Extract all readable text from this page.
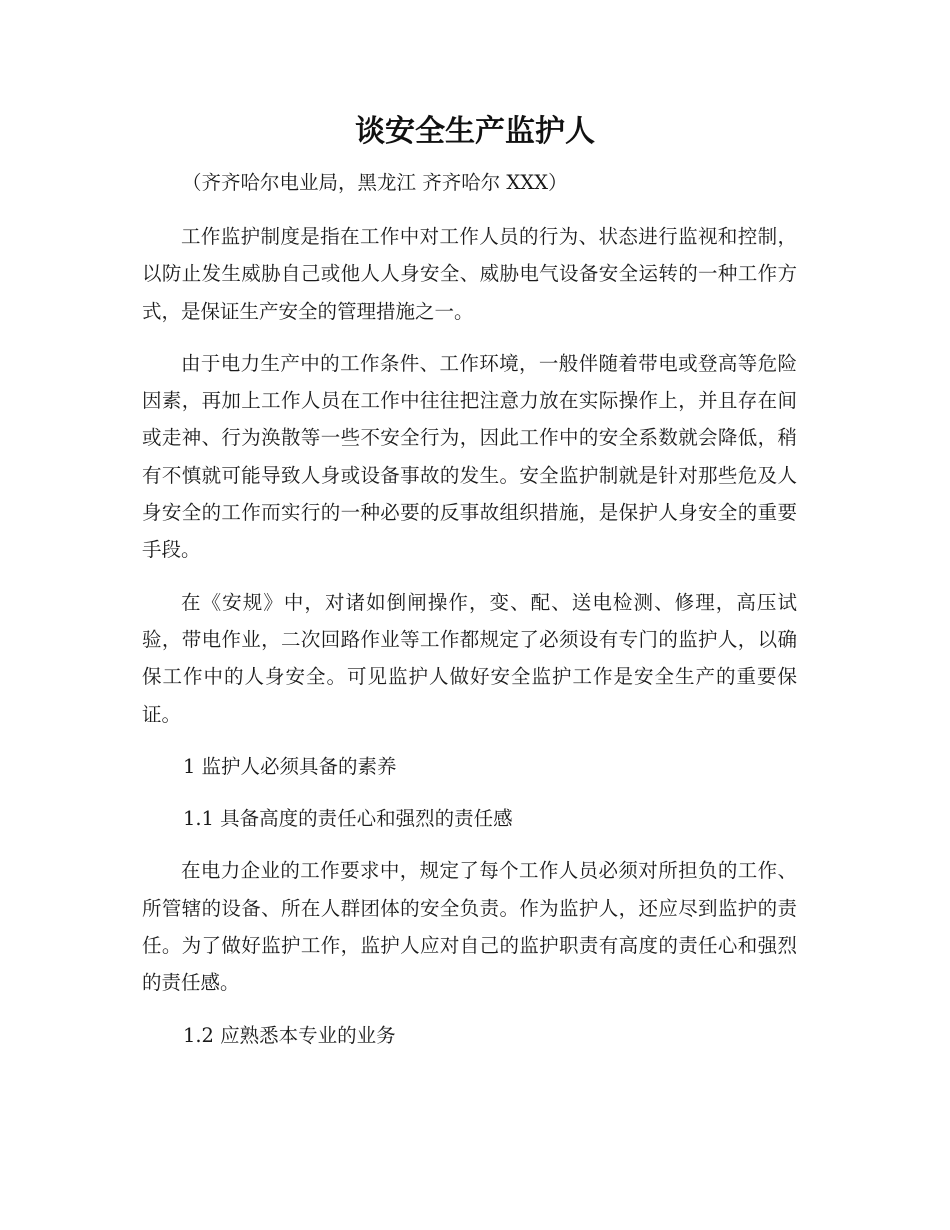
谈安全生产监护人
（齐齐哈尔电业局，黑龙江 齐齐哈尔 XXX）

工作监护制度是指在工作中对工作人员的行为、状态进行监视和控制，以防止发生威胁自己或他人人身安全、威胁电气设备安全运转的一种工作方式，是保证生产安全的管理措施之一。

由于电力生产中的工作条件、工作环境，一般伴随着带电或登高等危险因素，再加上工作人员在工作中往往把注意力放在实际操作上，并且存在间或走神、行为涣散等一些不安全行为，因此工作中的安全系数就会降低，稍有不慎就可能导致人身或设备事故的发生。安全监护制就是针对那些危及人身安全的工作而实行的一种必要的反事故组织措施，是保护人身安全的重要手段。

在《安规》中，对诸如倒闸操作，变、配、送电检测、修理，高压试验，带电作业，二次回路作业等工作都规定了必须设有专门的监护人，以确保工作中的人身安全。可见监护人做好安全监护工作是安全生产的重要保证。

1 监护人必须具备的素养

1.1 具备高度的责任心和强烈的责任感

在电力企业的工作要求中，规定了每个工作人员必须对所担负的工作、所管辖的设备、所在人群团体的安全负责。作为监护人，还应尽到监护的责任。为了做好监护工作，监护人应对自己的监护职责有高度的责任心和强烈的责任感。

1.2 应熟悉本专业的业务
